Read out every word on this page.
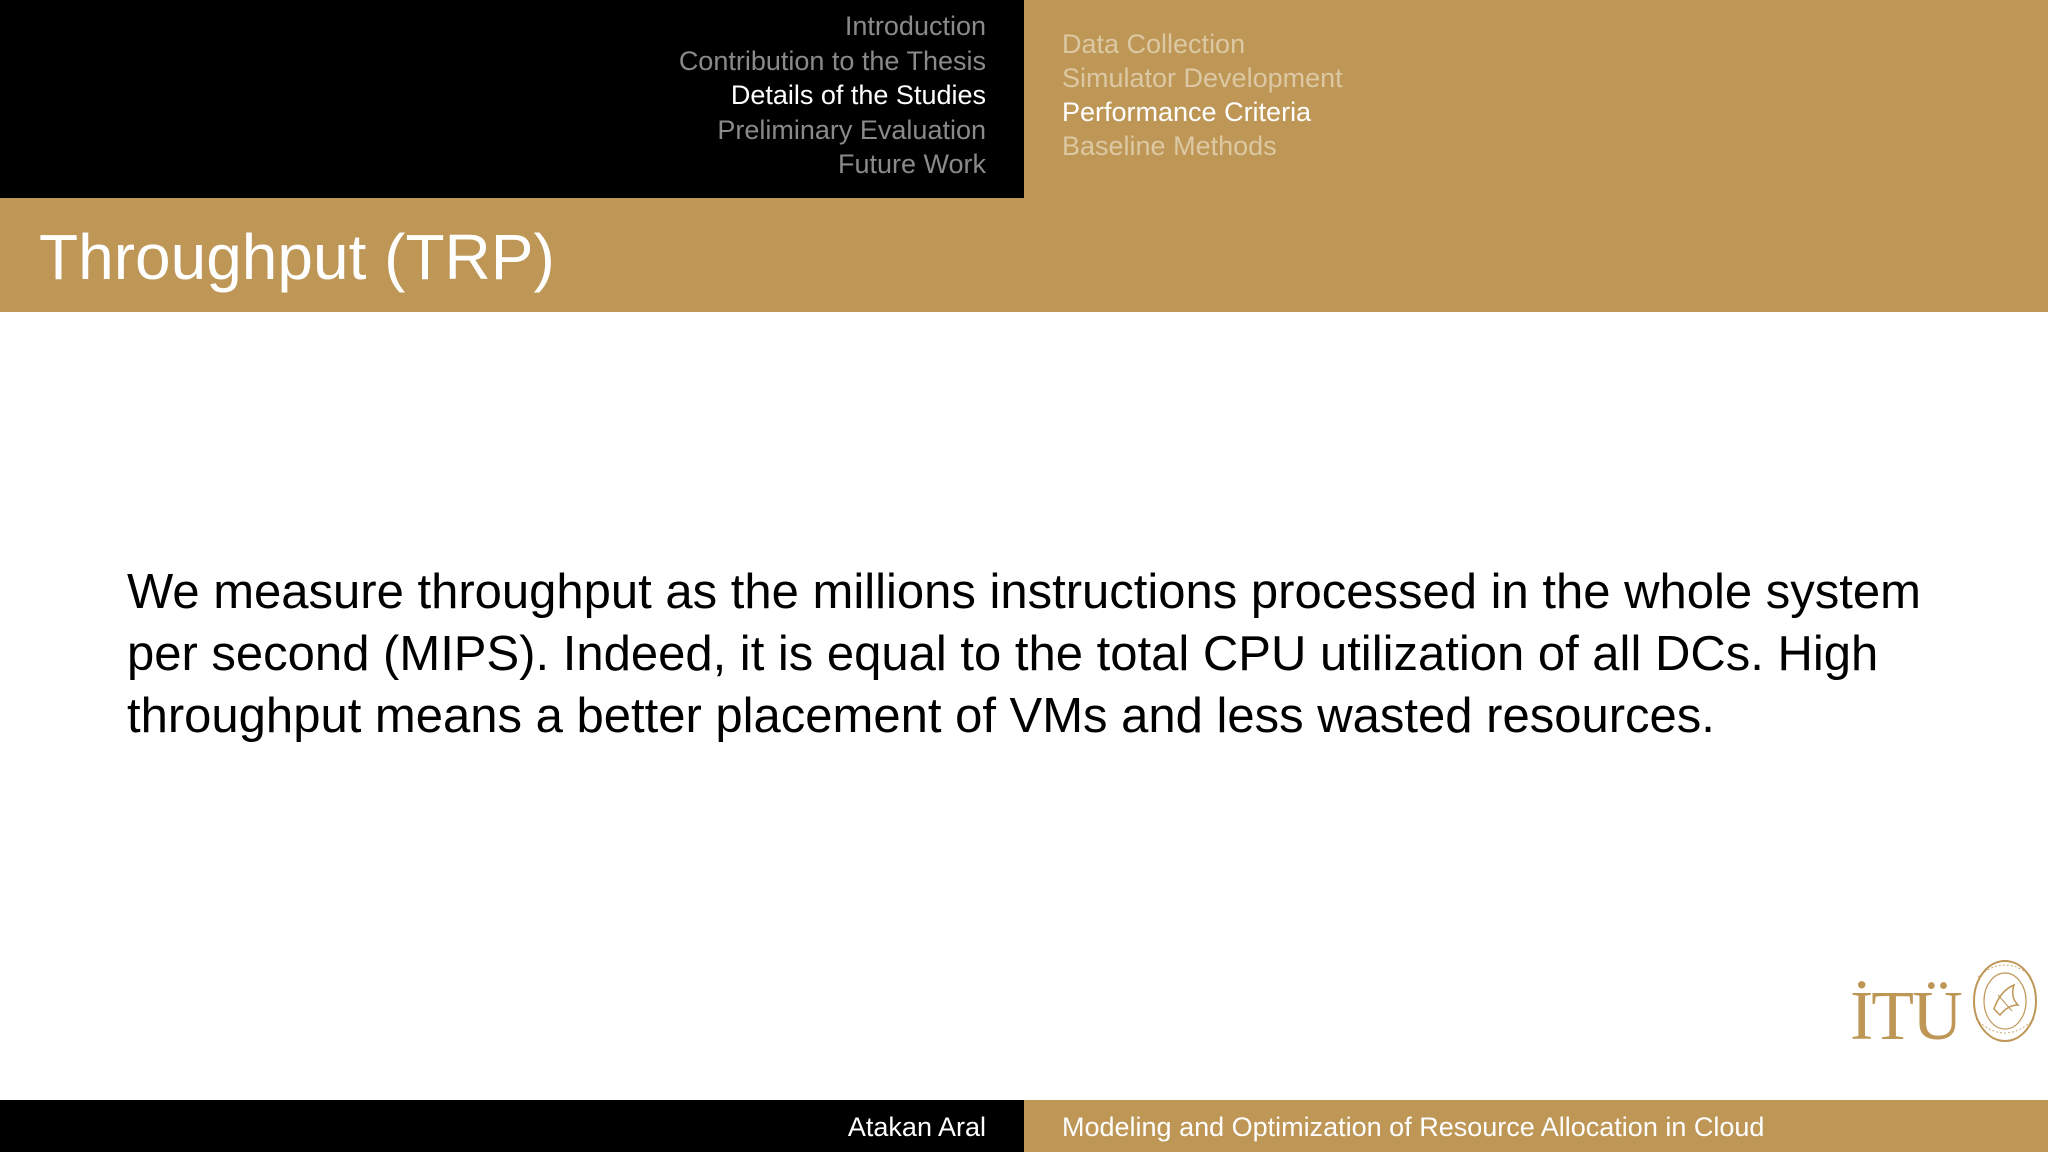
Introduction
Contribution to the Thesis
Details of the Studies
Preliminary Evaluation
Future Work
Data Collection
Simulator Development
Performance Criteria
Baseline Methods
Throughput (TRP)

We measure throughput as the millions instructions processed in the whole system per second (MIPS). Indeed, it is equal to the total CPU utilization of all DCs. High throughput means a better placement of VMs and less wasted resources.

İTÜ
Atakan Aral	Modeling and Optimization of Resource Allocation in Cloud
